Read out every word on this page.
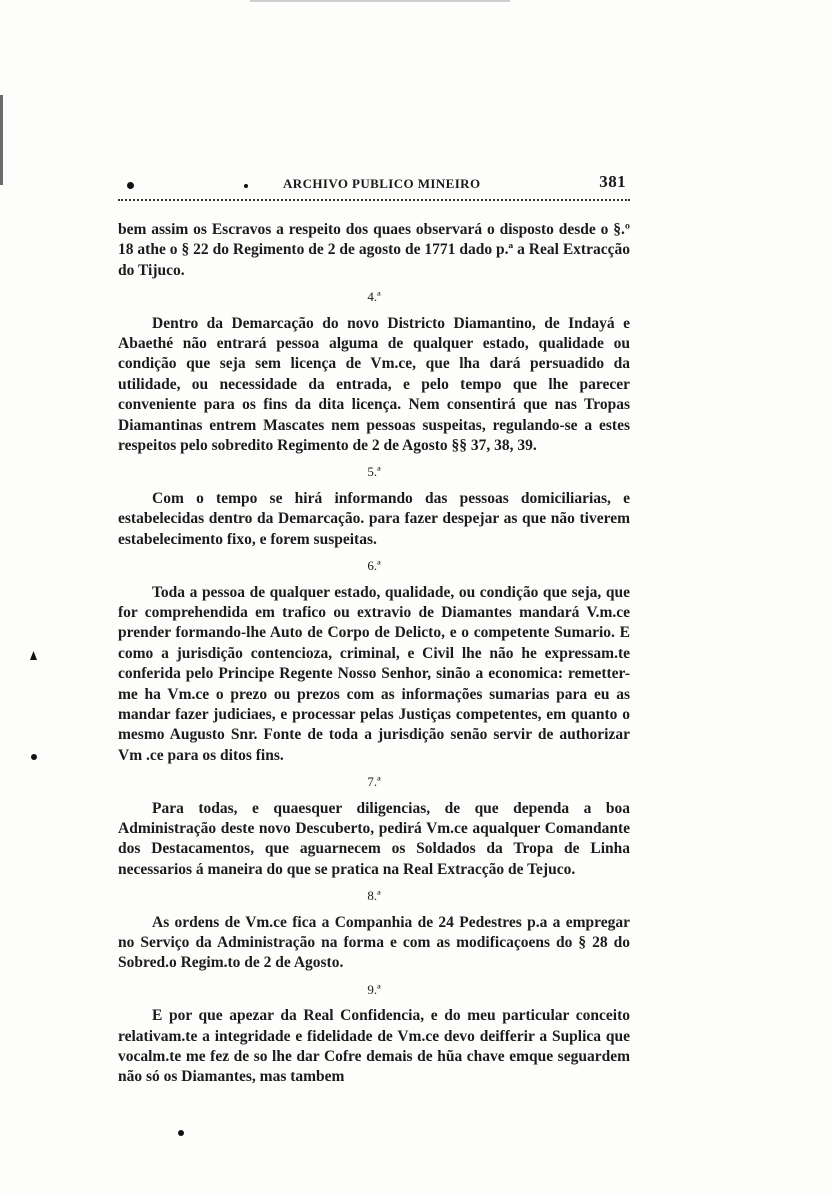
ARCHIVO PUBLICO MINEIRO	381

bem assim os Escravos a respeito dos quaes observará o disposto desde o §.º 18 athe o § 22 do Regimento de 2 de agosto de 1771 dado p.ª a Real Extracção do Tijuco.

4.ª

Dentro da Demarcação do novo Districto Diamantino, de Indayá e Abaethé não entrará pessoa alguma de qualquer estado, qualidade ou condição que seja sem licença de Vm.ce, que lha dará persuadido da utilidade, ou necessidade da entrada, e pelo tempo que lhe parecer conveniente para os fins da dita licença. Nem consentirá que nas Tropas Diamantinas entrem Mascates nem pessoas suspeitas, regulando-se a estes respeitos pelo sobredito Regimento de 2 de Agosto §§ 37, 38, 39.

5.ª

Com o tempo se hirá informando das pessoas domiciliarias, e estabelecidas dentro da Demarcação. para fazer despejar as que não tiverem estabelecimento fixo, e forem suspeitas.

6.ª

Toda a pessoa de qualquer estado, qualidade, ou condição que seja, que for comprehendida em trafico ou extravio de Diamantes mandará V.m.ce prender formando-lhe Auto de Corpo de Delicto, e o competente Sumario. E como a jurisdição contencioza, criminal, e Civil lhe não he expressam.te conferida pelo Principe Regente Nosso Senhor, sinão a economica: remetter-me ha Vm.ce o prezo ou prezos com as informações sumarias para eu as mandar fazer judiciaes, e processar pelas Justiças competentes, em quanto o mesmo Augusto Snr. Fonte de toda a jurisdição senão servir de authorizar Vm .ce para os ditos fins.

7.ª

Para todas, e quaesquer diligencias, de que dependa a boa Administração deste novo Descuberto, pedirá Vm.ce aqualquer Comandante dos Destacamentos, que aguarnecem os Soldados da Tropa de Linha necessarios á maneira do que se pratica na Real Extracção de Tejuco.

8.ª

As ordens de Vm.ce fica a Companhia de 24 Pedestres p.a a empregar no Serviço da Administração na forma e com as modificaçoens do § 28 do Sobred.o Regim.to de 2 de Agosto.

9.ª

E por que apezar da Real Confidencia, e do meu particular conceito relativam.te a integridade e fidelidade de Vm.ce devo deifferir a Suplica que vocalm.te me fez de so lhe dar Cofre demais de hũa chave emque seguardem não só os Diamantes, mas tambem
